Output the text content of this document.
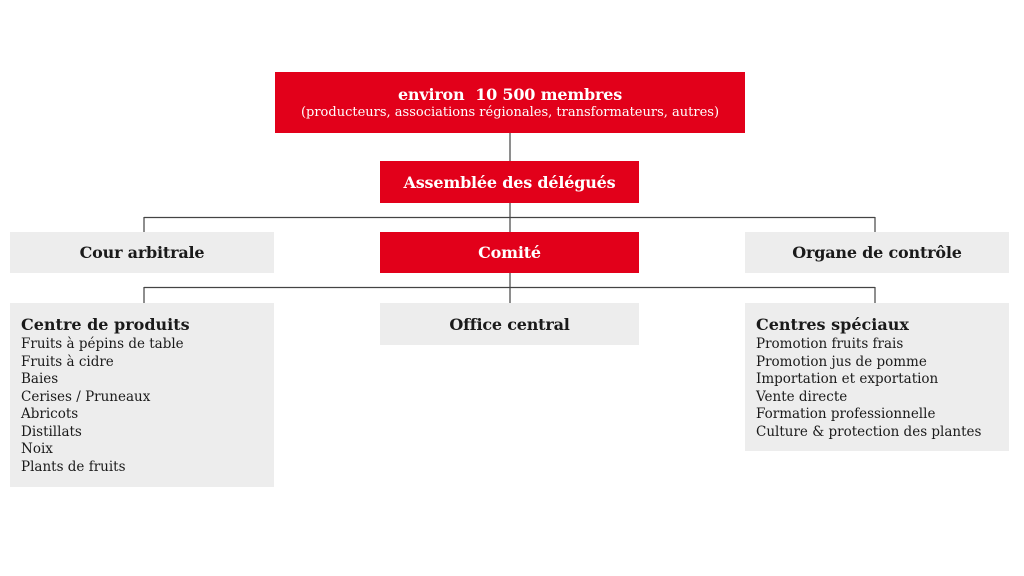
environ  10 500 membres
(producteurs, associations régionales, transformateurs, autres)
Assemblée des délégués
Cour arbitrale	Comité	Organe de contrôle
Centre de produits
Fruits à pépins de table
Fruits à cidre
Baies
Cerises / Pruneaux
Abricots
Distillats
Noix
Plants de fruits
Office central	Centres spéciaux
Promotion fruits frais
Promotion jus de pomme
Importation et exportation
Vente directe
Formation professionnelle
Culture & protection des plantes
